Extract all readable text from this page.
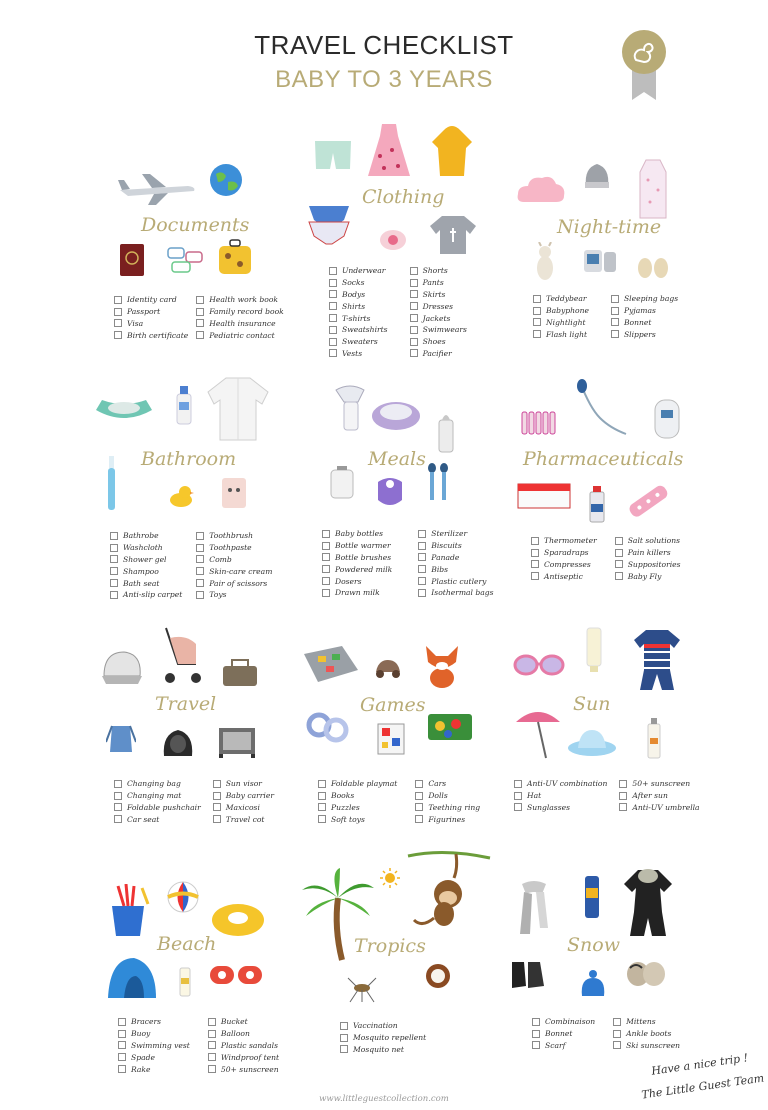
TRAVEL CHECKLIST
BABY TO 3 YEARS
Documents
Identity card
Passport
Visa
Birth certificate
Health work book
Family record book
Health insurance
Pediatric contact
Clothing
Underwear
Socks
Bodys
Shirts
T-shirts
Sweatshirts
Sweaters
Vests
Shorts
Pants
Skirts
Dresses
Jackets
Swimwears
Shoes
Pacifier
Night-time
Teddybear
Babyphone
Nightlight
Flash light
Sleeping bags
Pyjamas
Bonnet
Slippers
Bathroom
Bathrobe
Washcloth
Shower gel
Shampoo
Bath seat
Anti-slip carpet
Toothbrush
Toothpaste
Comb
Skin-care cream
Pair of scissors
Toys
Meals
Baby bottles
Bottle warmer
Bottle brushes
Powdered milk
Dosers
Drawn milk
Sterilizer
Biscuits
Panade
Bibs
Plastic cutlery
Isothermal bags
Pharmaceuticals
Thermometer
Sparadraps
Compresses
Antiseptic
Salt solutions
Pain killers
Suppositories
Baby Fly
Travel
Changing bag
Changing mat
Foldable pushchair
Car seat
Sun visor
Baby carrier
Maxicosi
Travel cot
Games
Foldable playmat
Books
Puzzles
Soft toys
Cars
Dolls
Teething ring
Figurines
Sun
Anti-UV combination
Hat
Sunglasses
50+ sunscreen
After sun
Anti-UV umbrella
Beach
Bracers
Buoy
Swimming vest
Spade
Rake
Bucket
Balloon
Plastic sandals
Windproof tent
50+ sunscreen
Tropics
Vaccination
Mosquito repellent
Mosquito net
Snow
Combinaison
Bonnet
Scarf
Mittens
Ankle boots
Ski sunscreen
Have a nice trip !
The Little Guest Team
www.littleguestcollection.com
